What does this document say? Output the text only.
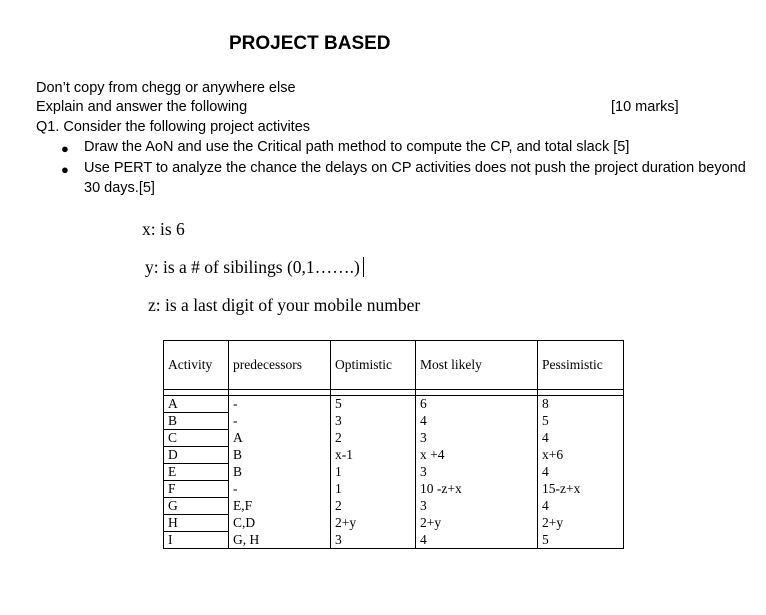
PROJECT BASED
Don’t copy from chegg or anywhere else
Explain and answer the following	[10 marks]
Q1. Consider the following project activites
● Draw the AoN and use the Critical path method to compute the CP, and total slack [5]
● Use PERT to analyze the chance the delays on CP activities does not push the project duration beyond
30 days.[5]
x: is 6
y: is a # of sibilings (0,1…….)
z: is a last digit of your mobile number
Activity	predecessors	Optimistic	Most likely	Pessimistic

A	-	5	6	8
B	-	3	4	5
C	A	2	3	4
D	B	x-1	x +4	x+6
E	B	1	3	4
F	-	1	10 -z+x	15-z+x
G	E,F	2	3	4
H	C,D	2+y	2+y	2+y
I	G, H	3	4	5
